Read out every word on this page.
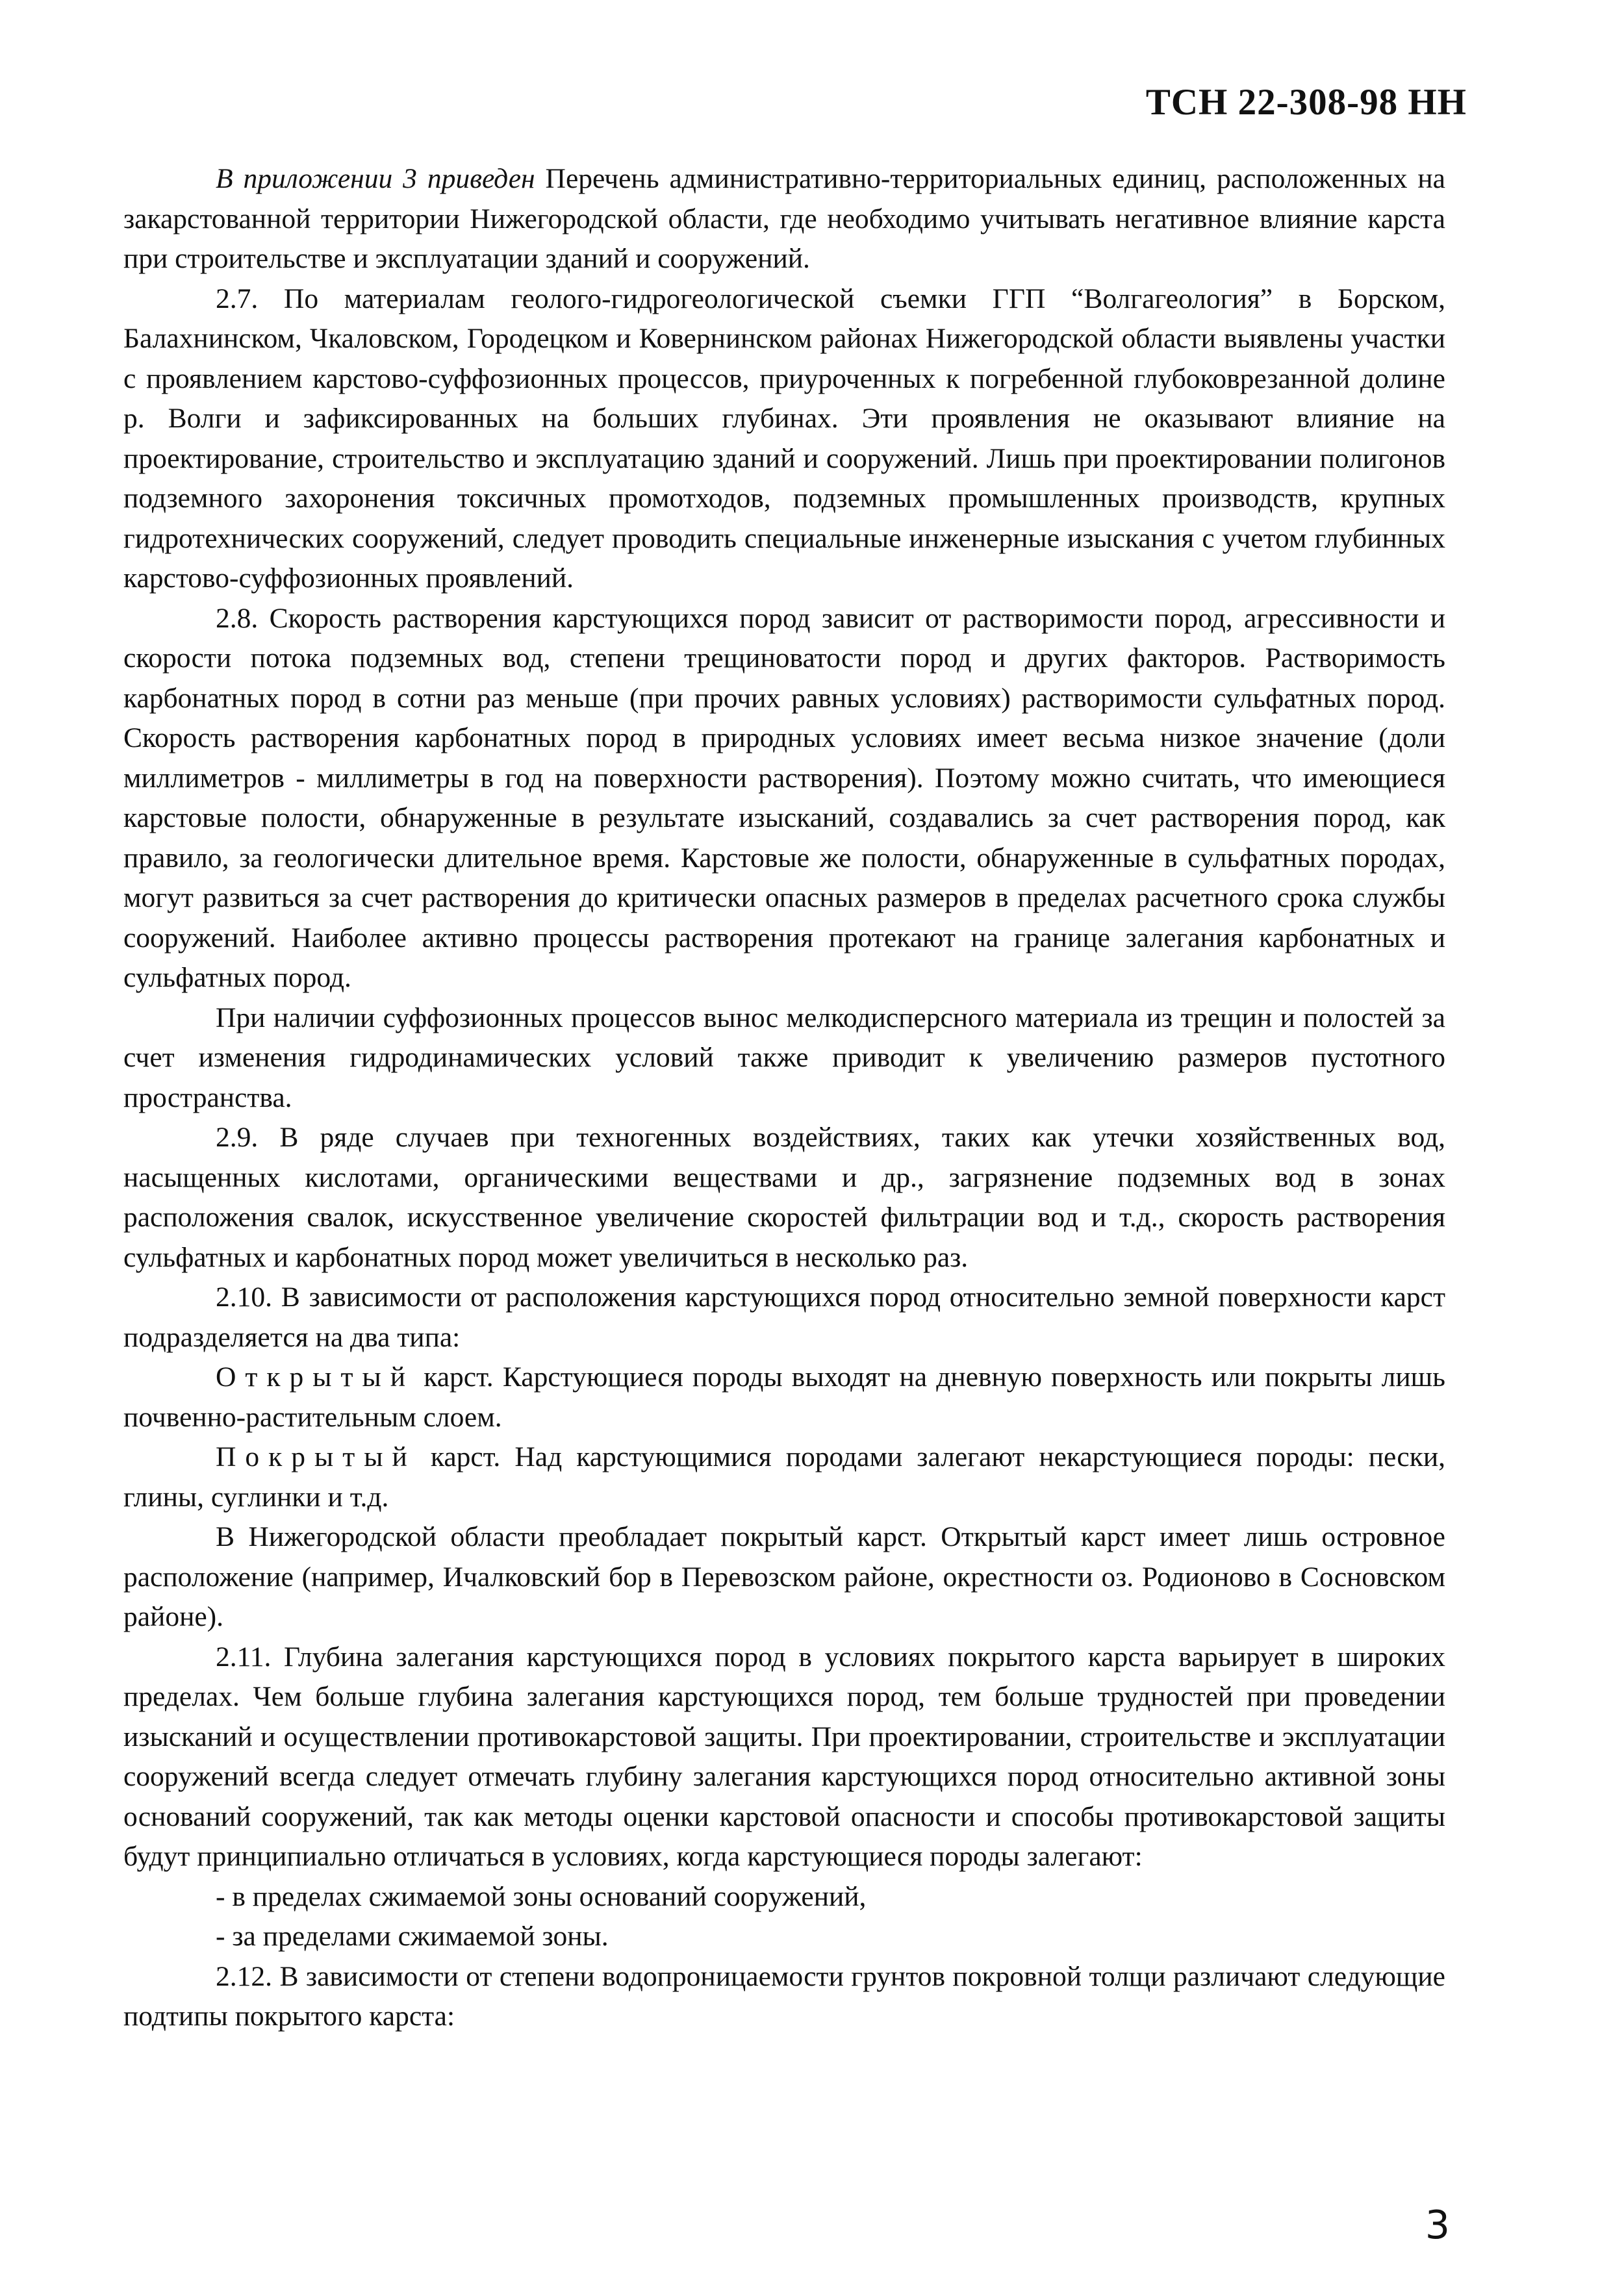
ТСН 22-308-98 НН

В приложении 3 приведен Перечень административно-территориальных единиц, расположенных на закарстованной территории Нижегородской области, где необходимо учитывать негативное влияние карста при строительстве и эксплуатации зданий и сооружений.

2.7. По материалам геолого-гидрогеологической съемки ГГП “Волгагеология” в Борском, Балахнинском, Чкаловском, Городецком и Ковернинском районах Нижегородской области выявлены участки с проявлением карстово-суффозионных процессов, приуроченных к погребенной глубоковрезанной долине р. Волги и зафиксированных на больших глубинах. Эти проявления не оказывают влияние на проектирование, строительство и эксплуатацию зданий и сооружений. Лишь при проектировании полигонов подземного захоронения токсичных промотходов, подземных промышленных производств, крупных гидротехнических сооружений, следует проводить специальные инженерные изыскания с учетом глубинных карстово-суффозионных проявлений.

2.8. Скорость растворения карстующихся пород зависит от растворимости пород, агрессивности и скорости потока подземных вод, степени трещиноватости пород и других факторов. Растворимость карбонатных пород в сотни раз меньше (при прочих равных условиях) растворимости сульфатных пород. Скорость растворения карбонатных пород в природных условиях имеет весьма низкое значение (доли миллиметров - миллиметры в год на поверхности растворения). Поэтому можно считать, что имеющиеся карстовые полости, обнаруженные в результате изысканий, создавались за счет растворения пород, как правило, за геологически длительное время. Карстовые же полости, обнаруженные в сульфатных породах, могут развиться за счет растворения до критически опасных размеров в пределах расчетного срока службы сооружений. Наиболее активно процессы растворения протекают на границе залегания карбонатных и сульфатных пород.

При наличии суффозионных процессов вынос мелкодисперсного материала из трещин и полостей за счет изменения гидродинамических условий также приводит к увеличению размеров пустотного пространства.

2.9. В ряде случаев при техногенных воздействиях, таких как утечки хозяйственных вод, насыщенных кислотами, органическими веществами и др., загрязнение подземных вод в зонах расположения свалок, искусственное увеличение скоростей фильтрации вод и т.д., скорость растворения сульфатных и карбонатных пород может увеличиться в несколько раз.

2.10. В зависимости от расположения карстующихся пород относительно земной поверхности карст подразделяется на два типа:

Открытый карст. Карстующиеся породы выходят на дневную поверхность или покрыты лишь почвенно-растительным слоем.

Покрытый карст. Над карстующимися породами залегают некарстующиеся породы: пески, глины, суглинки и т.д.

В Нижегородской области преобладает покрытый карст. Открытый карст имеет лишь островное расположение (например, Ичалковский бор в Перевозском районе, окрестности оз. Родионово в Сосновском районе).

2.11. Глубина залегания карстующихся пород в условиях покрытого карста варьирует в широких пределах. Чем больше глубина залегания карстующихся пород, тем больше трудностей при проведении изысканий и осуществлении противокарстовой защиты. При проектировании, строительстве и эксплуатации сооружений всегда следует отмечать глубину залегания карстующихся пород относительно активной зоны оснований сооружений, так как методы оценки карстовой опасности и способы противокарстовой защиты будут принципиально отличаться в условиях, когда карстующиеся породы залегают:

- в пределах сжимаемой зоны оснований сооружений,

- за пределами сжимаемой зоны.

2.12. В зависимости от степени водопроницаемости грунтов покровной толщи различают следующие подтипы покрытого карста:

3
